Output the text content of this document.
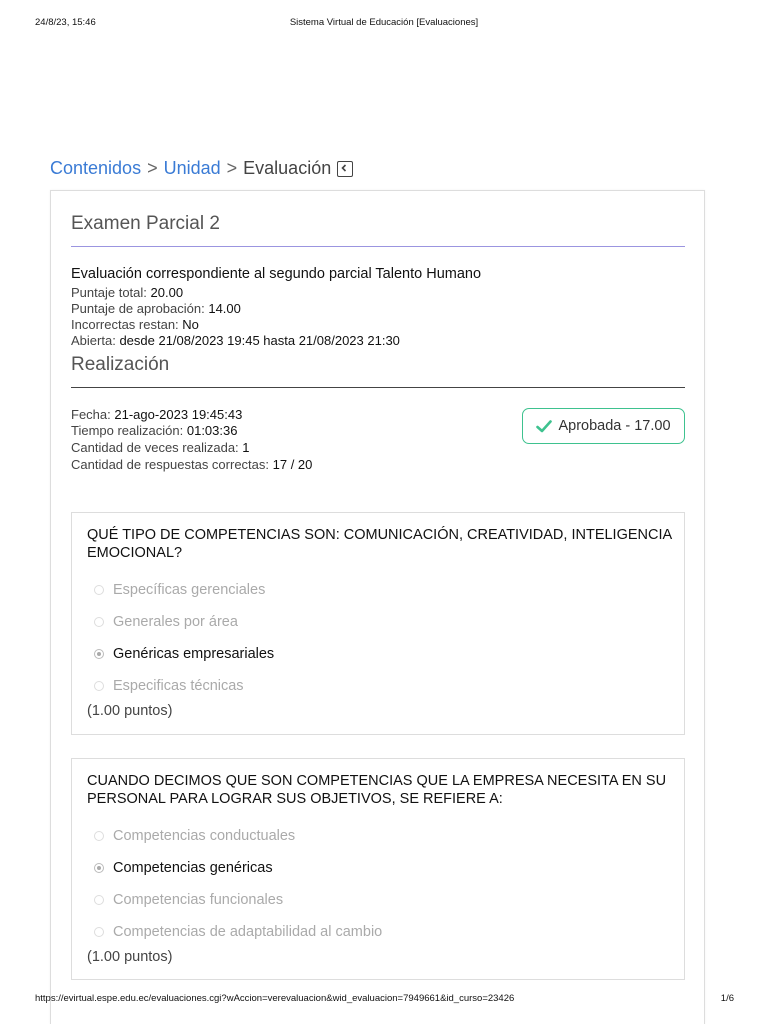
24/8/23, 15:46	Sistema Virtual de Educación [Evaluaciones]
Contenidos > Unidad > Evaluación
Examen Parcial 2
Evaluación correspondiente al segundo parcial Talento Humano
Puntaje total: 20.00
Puntaje de aprobación: 14.00
Incorrectas restan: No
Abierta: desde 21/08/2023 19:45 hasta 21/08/2023 21:30
Realización
Fecha: 21-ago-2023 19:45:43
Tiempo realización: 01:03:36
Cantidad de veces realizada: 1
Cantidad de respuestas correctas: 17 / 20
Aprobada - 17.00
QUÉ TIPO DE COMPETENCIAS SON: COMUNICACIÓN, CREATIVIDAD, INTELIGENCIA EMOCIONAL?
Específicas gerenciales
Generales por área
Genéricas empresariales
Especificas técnicas
(1.00 puntos)
CUANDO DECIMOS QUE SON COMPETENCIAS QUE LA EMPRESA NECESITA EN SU PERSONAL PARA LOGRAR SUS OBJETIVOS, SE REFIERE A:
Competencias conductuales
Competencias genéricas
Competencias funcionales
Competencias de adaptabilidad al cambio
(1.00 puntos)
https://evirtual.espe.edu.ec/evaluaciones.cgi?wAccion=verevaluacion&wid_evaluacion=7949661&id_curso=23426	1/6
